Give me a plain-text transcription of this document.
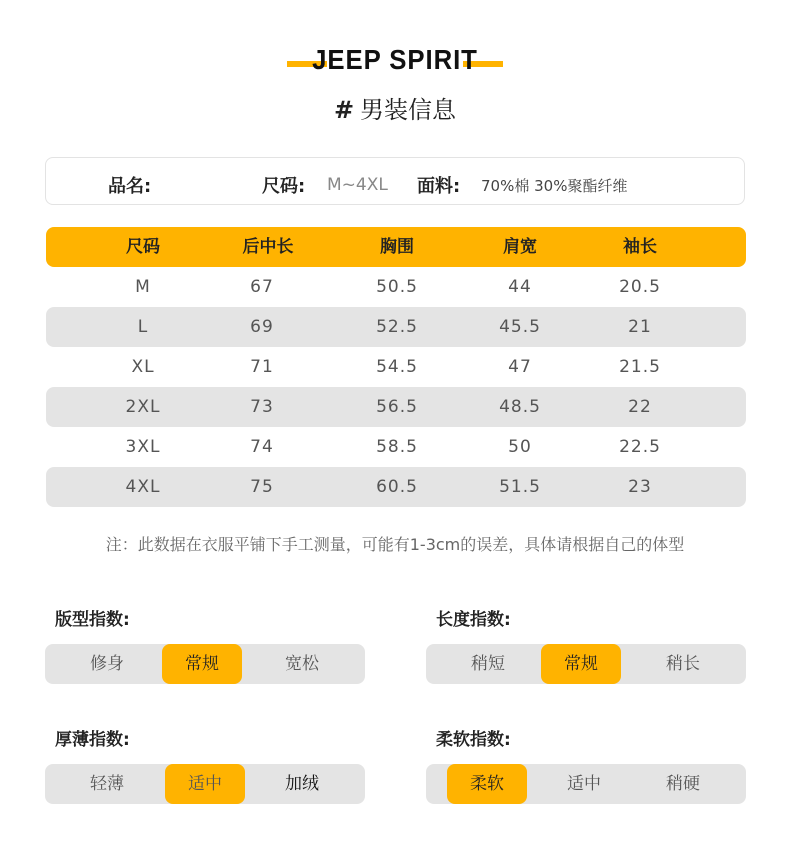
JEEP SPIRIT
# 男装信息
品名:	尺码: M~4XL 面料: 70%棉 30%聚酯纤维
尺码	后中长	胸围	肩宽	袖长
M	67	50.5	44	20.5
L	69	52.5	45.5	21
XL	71	54.5	47	21.5
2XL	73	56.5	48.5	22
3XL	74	58.5	50	22.5
4XL	75	60.5	51.5	23
注：此数据在衣服平铺下手工测量，可能有1-3cm的误差，具体请根据自己的体型
版型指数:
修身	常规	宽松
长度指数:
稍短	常规	稍长
厚薄指数:
轻薄	适中	加绒
柔软指数:
柔软	适中	稍硬
